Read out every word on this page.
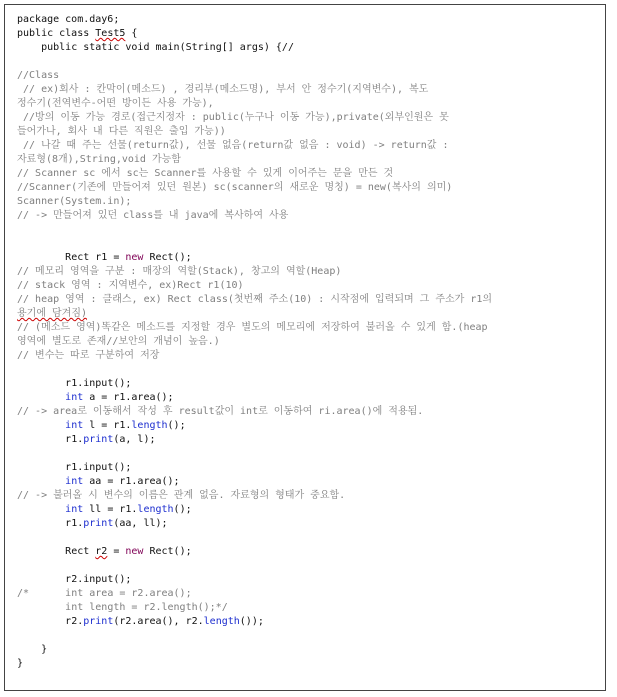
package com.day6;
public class Test5 {
	public static void main(String[] args) {//
//Class
// ex)회사 : 칸막이(메소드) , 경리부(메소드명), 부서 안 정수기(지역변수), 복도
정수기(전역변수-어떤 방이든 사용 가능),
//방의 이동 가능 경로(접근지정자 : public(누구나 이동 가능),private(외부인원은 못
들어가나, 회사 내 다른 직원은 출입 가능))
// 나갈 때 주는 선물(return값), 선물 없음(return값 없음 : void) -> return값 :
자료형(8개),String,void 가능함
// Scanner sc 에서 sc는 Scanner를 사용할 수 있게 이어주는 문을 만든 것
//Scanner(기존에 만들어져 있던 원본) sc(scanner의 새로운 명칭) = new(복사의 의미)
Scanner(System.in);
// -> 만들어져 있던 class를 내 java에 복사하여 사용
		Rect r1 = new Rect();
// 메모리 영역을 구분 : 매장의 역할(Stack), 창고의 역할(Heap)
// stack 영역 : 지역변수, ex)Rect r1(10)
// heap 영역 : 클래스, ex) Rect class(첫번째 주소(10) : 시작점에 입력되며 그 주소가 r1의
용기에 담겨짐)
// (메소드 영역)똑같은 메소드를 지정할 경우 별도의 메모리에 저장하여 불러올 수 있게 함.(heap
영역에 별도로 존재//보안의 개념이 높음.)
// 변수는 따로 구분하여 저장
		r1.input();
		int a = r1.area();
// -> area로 이동해서 작성 후 result값이 int로 이동하여 ri.area()에 적용됨.
		int l = r1.length();
		r1.print(a, l);
		r1.input();
		int aa = r1.area();
// -> 불러올 시 변수의 이름은 관계 없음. 자료형의 형태가 중요함.
		int ll = r1.length();
		r1.print(aa, ll);
		Rect r2 = new Rect();
		r2.input();
/*		int area = r2.area();
		int length = r2.length();*/
		r2.print(r2.area(), r2.length());
	}
}
